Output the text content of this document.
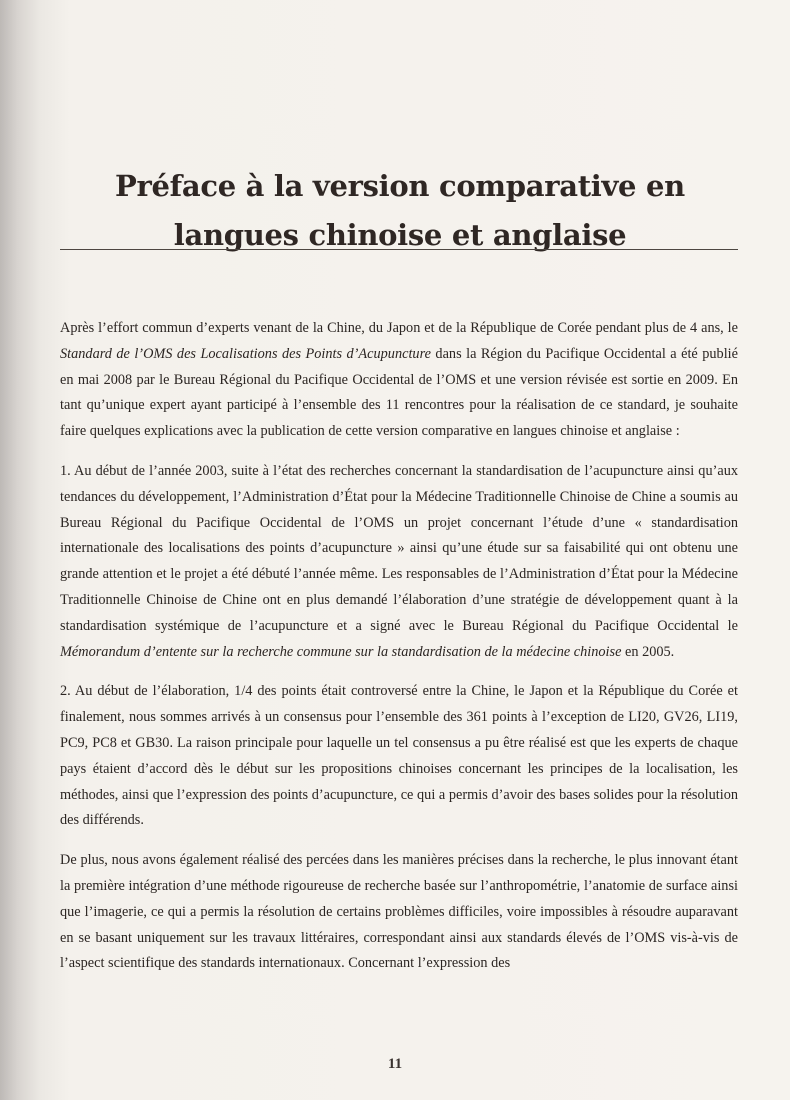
Préface à la version comparative en
langues chinoise et anglaise

Après l’effort commun d’experts venant de la Chine, du Japon et de la République de Corée pendant plus de 4 ans, le Standard de l’OMS des Localisations des Points d’Acupuncture dans la Région du Pacifique Occidental a été publié en mai 2008 par le Bureau Régional du Pacifique Occidental de l’OMS et une version révisée est sortie en 2009. En tant qu’unique expert ayant participé à l’ensemble des 11 rencontres pour la réalisation de ce standard, je souhaite faire quelques explications avec la publication de cette version comparative en langues chinoise et anglaise :

1. Au début de l’année 2003, suite à l’état des recherches concernant la standardisation de l’acupuncture ainsi qu’aux tendances du développement, l’Administration d’État pour la Médecine Traditionnelle Chinoise de Chine a soumis au Bureau Régional du Pacifique Occidental de l’OMS un projet concernant l’étude d’une « standardisation internationale des localisations des points d’acupuncture » ainsi qu’une étude sur sa faisabilité qui ont obtenu une grande attention et le projet a été débuté l’année même. Les responsables de l’Administration d’État pour la Médecine Traditionnelle Chinoise de Chine ont en plus demandé l’élaboration d’une stratégie de développement quant à la standardisation systémique de l’acupuncture et a signé avec le Bureau Régional du Pacifique Occidental le Mémorandum d’entente sur la recherche commune sur la standardisation de la médecine chinoise en 2005.

2. Au début de l’élaboration, 1/4 des points était controversé entre la Chine, le Japon et la République du Corée et finalement, nous sommes arrivés à un consensus pour l’ensemble des 361 points à l’exception de LI20, GV26, LI19, PC9, PC8 et GB30. La raison principale pour laquelle un tel consensus a pu être réalisé est que les experts de chaque pays étaient d’accord dès le début sur les propositions chinoises concernant les principes de la localisation, les méthodes, ainsi que l’expression des points d’acupuncture, ce qui a permis d’avoir des bases solides pour la résolution des différends.

De plus, nous avons également réalisé des percées dans les manières précises dans la recherche, le plus innovant étant la première intégration d’une méthode rigoureuse de recherche basée sur l’anthropométrie, l’anatomie de surface ainsi que l’imagerie, ce qui a permis la résolution de certains problèmes difficiles, voire impossibles à résoudre auparavant en se basant uniquement sur les travaux littéraires, correspondant ainsi aux standards élevés de l’OMS vis-à-vis de l’aspect scientifique des standards internationaux. Concernant l’expression des

11
